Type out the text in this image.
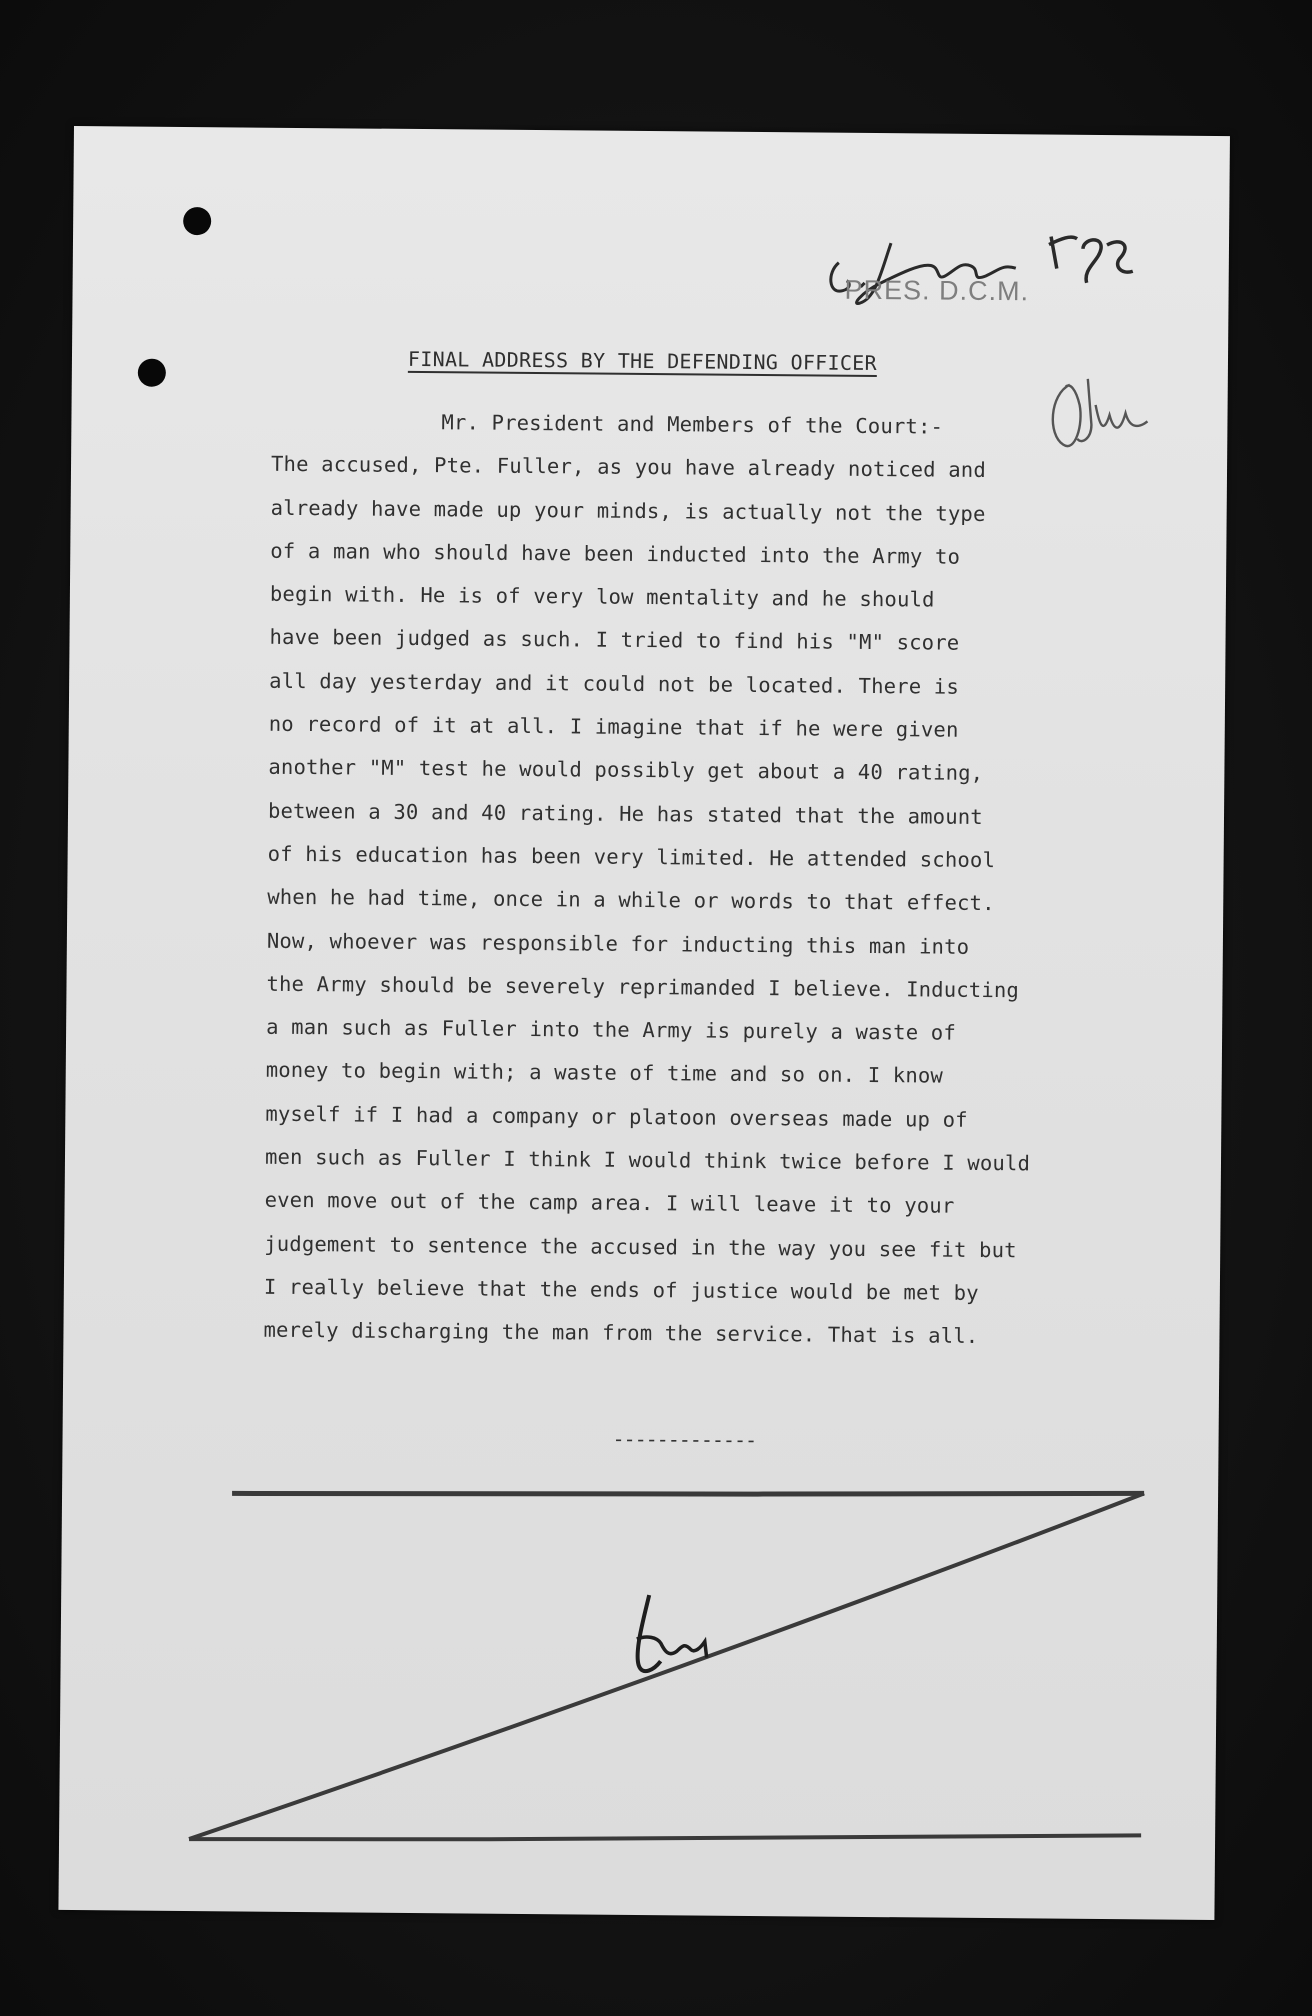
PRES. D.C.M.
FINAL ADDRESS BY THE DEFENDING OFFICER
Mr. President and Members of the Court:-
The accused, Pte. Fuller, as you have already noticed and
already have made up your minds, is actually not the type
of a man who should have been inducted into the Army to
begin with. He is of very low mentality and he should
have been judged as such. I tried to find his "M" score
all day yesterday and it could not be located. There is
no record of it at all. I imagine that if he were given
another "M" test he would possibly get about a 40 rating,
between a 30 and 40 rating. He has stated that the amount
of his education has been very limited. He attended school
when he had time, once in a while or words to that effect.
Now, whoever was responsible for inducting this man into
the Army should be severely reprimanded I believe. Inducting
a man such as Fuller into the Army is purely a waste of
money to begin with; a waste of time and so on. I know
myself if I had a company or platoon overseas made up of
men such as Fuller I think I would think twice before I would
even move out of the camp area. I will leave it to your
judgement to sentence the accused in the way you see fit but
I really believe that the ends of justice would be met by
merely discharging the man from the service. That is all.
-------------
